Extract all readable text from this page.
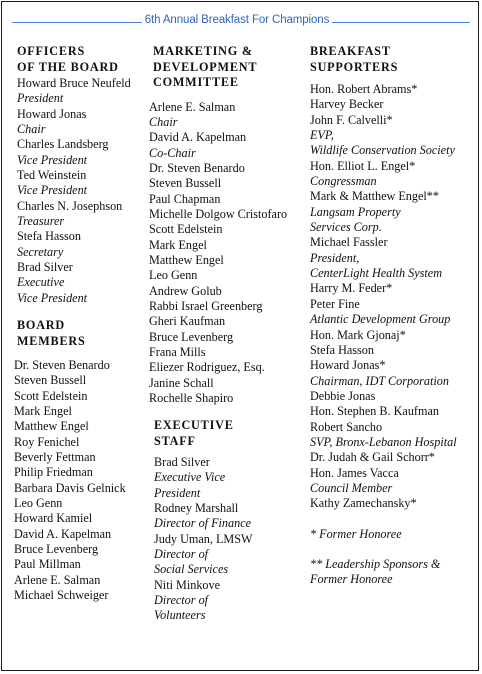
6th Annual Breakfast For Champions
OFFICERS
OF THE BOARD
Howard Bruce Neufeld
President
Howard Jonas
Chair
Charles Landsberg
Vice President
Ted Weinstein
Vice President
Charles N. Josephson
Treasurer
Stefa Hasson
Secretary
Brad Silver
Executive
Vice President
BOARD
MEMBERS
Dr. Steven Benardo
Steven Bussell
Scott Edelstein
Mark Engel
Matthew Engel
Roy Fenichel
Beverly Fettman
Philip Friedman
Barbara Davis Gelnick
Leo Genn
Howard Kamiel
David A. Kapelman
Bruce Levenberg
Paul Millman
Arlene E. Salman
Michael Schweiger
MARKETING &
DEVELOPMENT
COMMITTEE
Arlene E. Salman
Chair
David A. Kapelman
Co-Chair
Dr. Steven Benardo
Steven Bussell
Paul Chapman
Michelle Dolgow Cristofaro
Scott Edelstein
Mark Engel
Matthew Engel
Leo Genn
Andrew Golub
Rabbi Israel Greenberg
Gheri Kaufman
Bruce Levenberg
Frana Mills
Eliezer Rodriguez, Esq.
Janine Schall
Rochelle Shapiro
EXECUTIVE
STAFF
Brad Silver
Executive Vice
President
Rodney Marshall
Director of Finance
Judy Uman, LMSW
Director of
Social Services
Niti Minkove
Director of
Volunteers
BREAKFAST
SUPPORTERS
Hon. Robert Abrams*
Harvey Becker
John F. Calvelli*
EVP,
Wildlife Conservation Society
Hon. Elliot L. Engel*
Congressman
Mark & Matthew Engel**
Langsam Property
Services Corp.
Michael Fassler
President,
CenterLight Health System
Harry M. Feder*
Peter Fine
Atlantic Development Group
Hon. Mark Gjonaj*
Stefa Hasson
Howard Jonas*
Chairman, IDT Corporation
Debbie Jonas
Hon. Stephen B. Kaufman
Robert Sancho
SVP, Bronx-Lebanon Hospital
Dr. Judah & Gail Schorr*
Hon. James Vacca
Council Member
Kathy Zamechansky*
* Former Honoree
** Leadership Sponsors &
Former Honoree
